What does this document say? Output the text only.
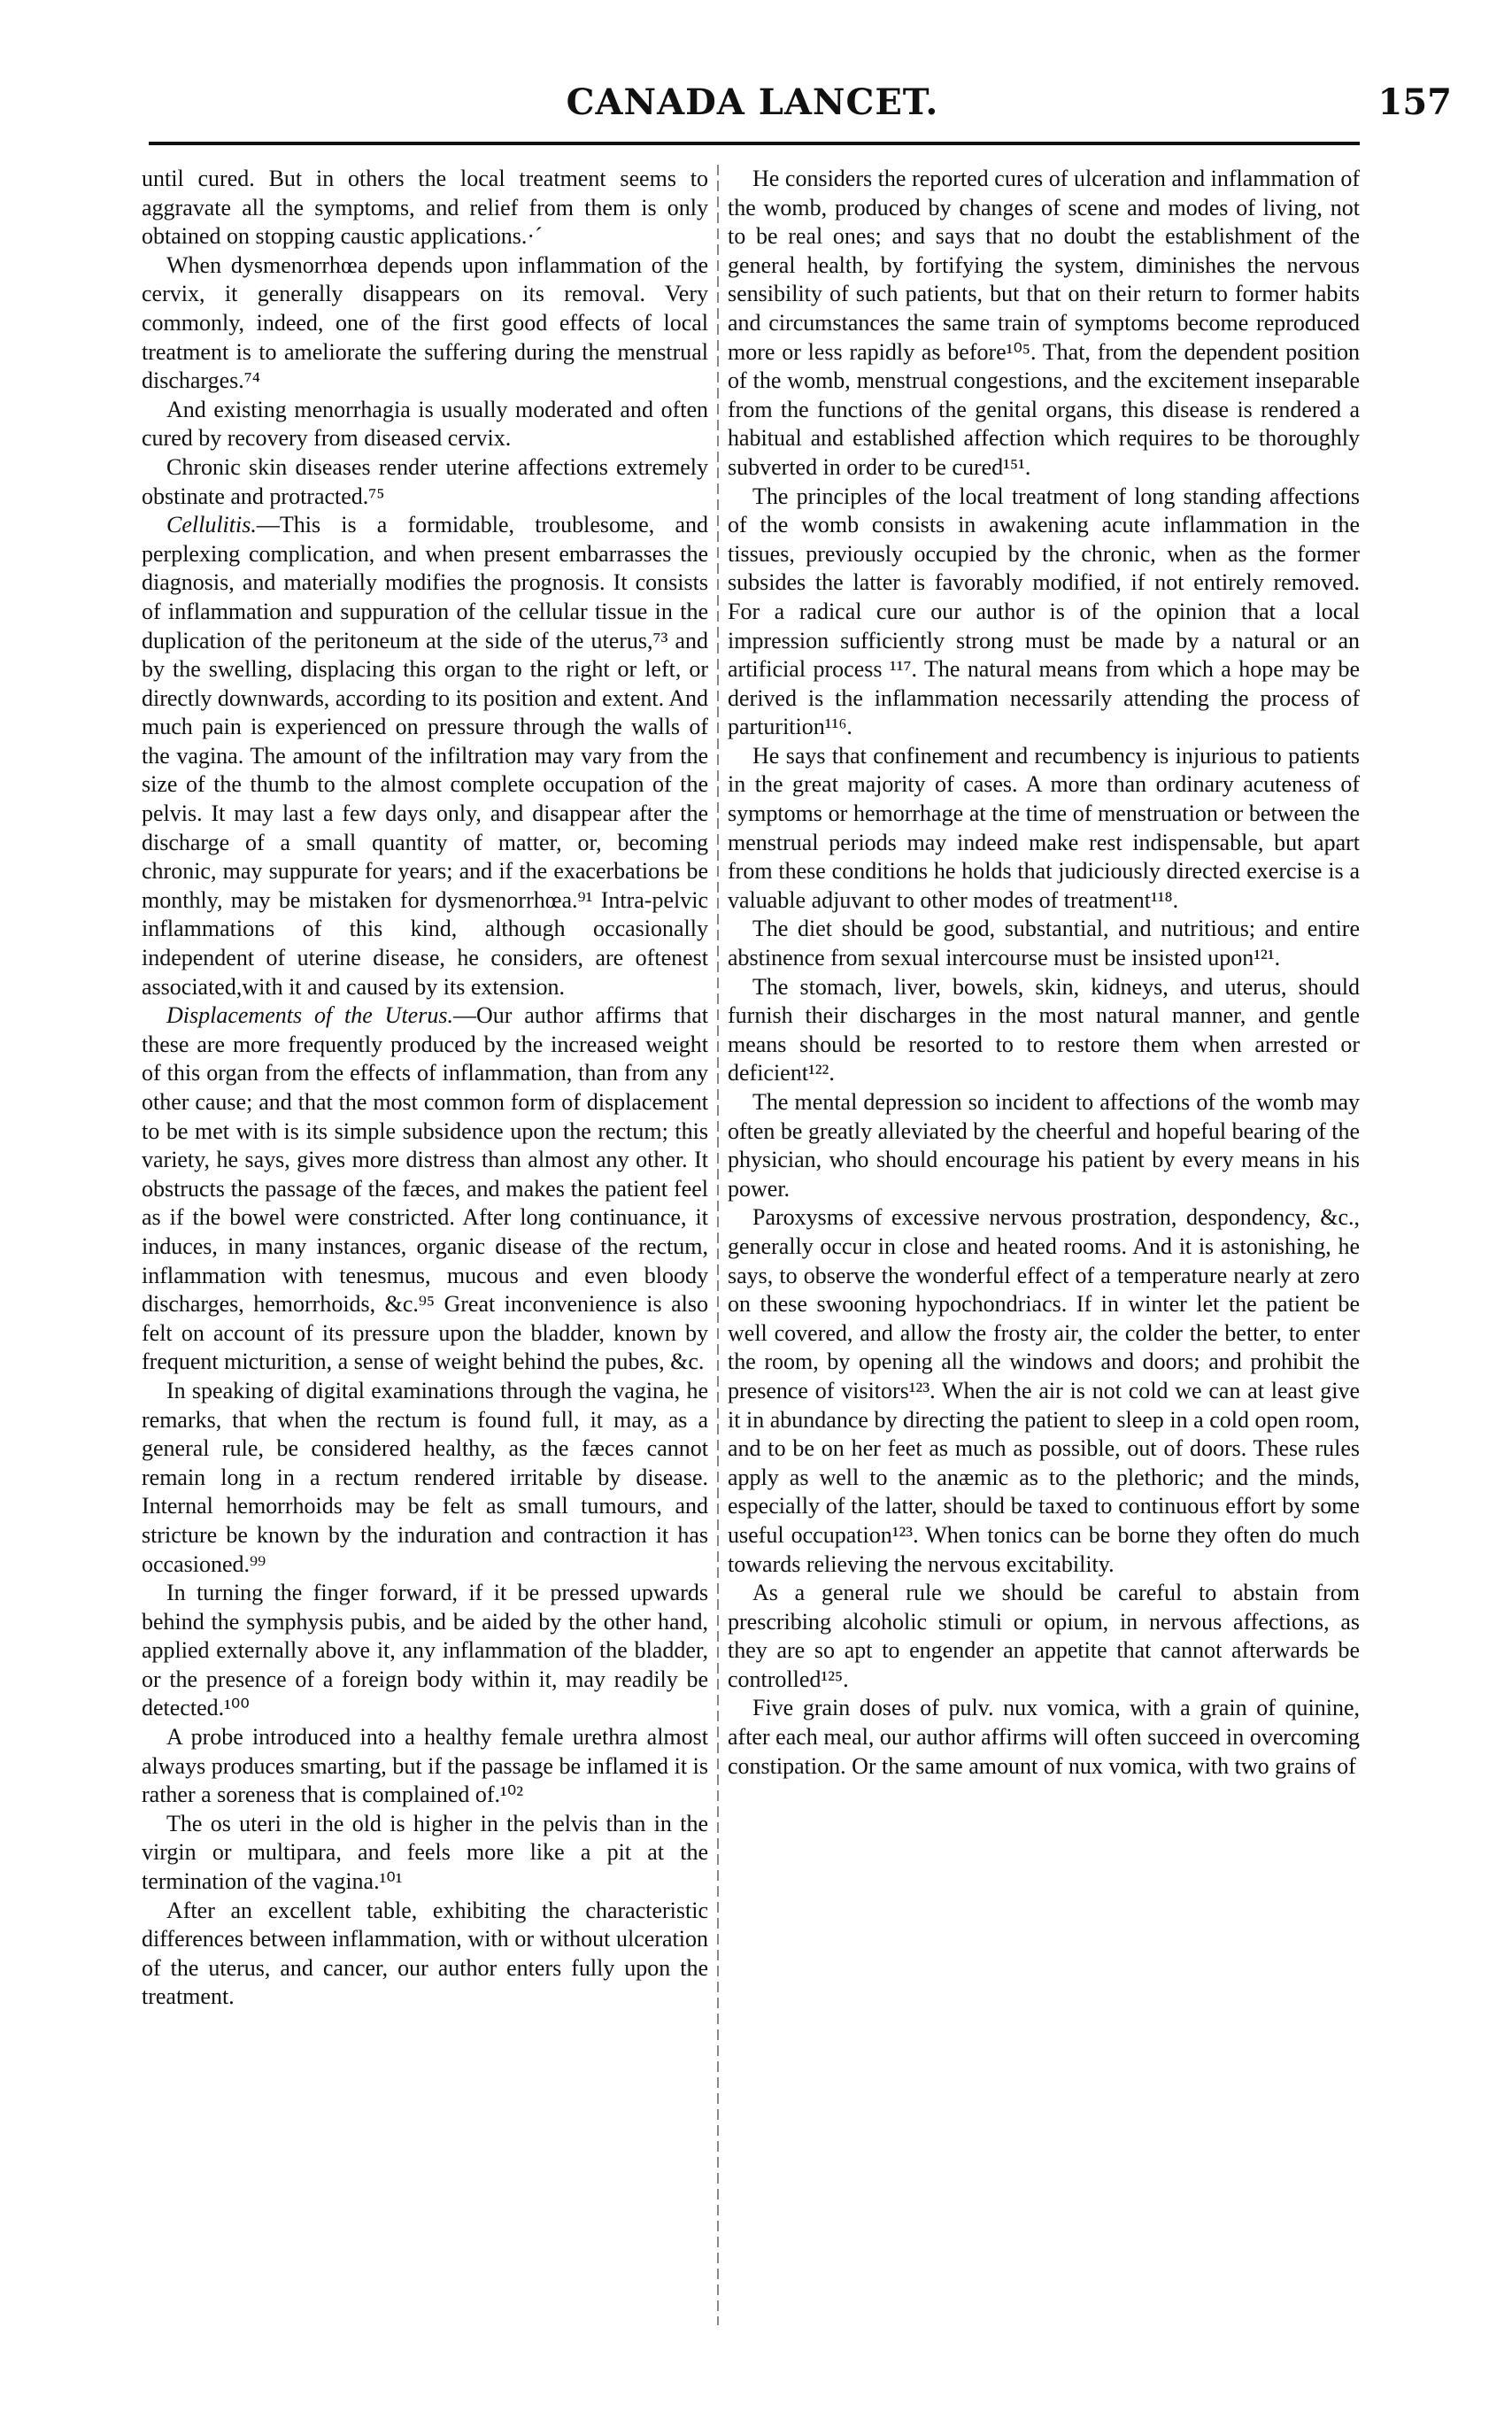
CANADA LANCET.	157

until cured. But in others the local treatment seems to aggravate all the symptoms, and relief from them is only obtained on stopping caustic applications.·´

When dysmenorrhœa depends upon inflammation of the cervix, it generally disappears on its removal. Very commonly, indeed, one of the first good effects of local treatment is to ameliorate the suffering during the menstrual discharges.⁷⁴

And existing menorrhagia is usually moderated and often cured by recovery from diseased cervix.

Chronic skin diseases render uterine affections extremely obstinate and protracted.⁷⁵

Cellulitis.—This is a formidable, troublesome, and perplexing complication, and when present embarrasses the diagnosis, and materially modifies the prognosis. It consists of inflammation and suppuration of the cellular tissue in the duplication of the peritoneum at the side of the uterus,⁷³ and by the swelling, displacing this organ to the right or left, or directly downwards, according to its position and extent. And much pain is experienced on pressure through the walls of the vagina. The amount of the infiltration may vary from the size of the thumb to the almost complete occupation of the pelvis. It may last a few days only, and disappear after the discharge of a small quantity of matter, or, becoming chronic, may suppurate for years; and if the exacerbations be monthly, may be mistaken for dysmenorrhœa.⁹¹ Intra-pelvic inflammations of this kind, although occasionally independent of uterine disease, he considers, are oftenest associated,with it and caused by its extension.

Displacements of the Uterus.—Our author affirms that these are more frequently produced by the increased weight of this organ from the effects of inflammation, than from any other cause; and that the most common form of displacement to be met with is its simple subsidence upon the rectum; this variety, he says, gives more distress than almost any other. It obstructs the passage of the fæces, and makes the patient feel as if the bowel were constricted. After long continuance, it induces, in many instances, organic disease of the rectum, inflammation with tenesmus, mucous and even bloody discharges, hemorrhoids, &c.⁹⁵ Great inconvenience is also felt on account of its pressure upon the bladder, known by frequent micturition, a sense of weight behind the pubes, &c.

In speaking of digital examinations through the vagina, he remarks, that when the rectum is found full, it may, as a general rule, be considered healthy, as the fæces cannot remain long in a rectum rendered irritable by disease. Internal hemorrhoids may be felt as small tumours, and stricture be known by the induration and contraction it has occasioned.⁹⁹

In turning the finger forward, if it be pressed upwards behind the symphysis pubis, and be aided by the other hand, applied externally above it, any inflammation of the bladder, or the presence of a foreign body within it, may readily be detected.¹⁰⁰

A probe introduced into a healthy female urethra almost always produces smarting, but if the passage be inflamed it is rather a soreness that is complained of.¹⁰²

The os uteri in the old is higher in the pelvis than in the virgin or multipara, and feels more like a pit at the termination of the vagina.¹⁰¹

After an excellent table, exhibiting the characteristic differences between inflammation, with or without ulceration of the uterus, and cancer, our author enters fully upon the treatment.

He considers the reported cures of ulceration and inflammation of the womb, produced by changes of scene and modes of living, not to be real ones; and says that no doubt the establishment of the general health, by fortifying the system, diminishes the nervous sensibility of such patients, but that on their return to former habits and circumstances the same train of symptoms become reproduced more or less rapidly as before¹⁰⁵. That, from the dependent position of the womb, menstrual congestions, and the excitement inseparable from the functions of the genital organs, this disease is rendered a habitual and established affection which requires to be thoroughly subverted in order to be cured¹⁵¹.

The principles of the local treatment of long standing affections of the womb consists in awakening acute inflammation in the tissues, previously occupied by the chronic, when as the former subsides the latter is favorably modified, if not entirely removed. For a radical cure our author is of the opinion that a local impression sufficiently strong must be made by a natural or an artificial process ¹¹⁷. The natural means from which a hope may be derived is the inflammation necessarily attending the process of parturition¹¹⁶.

He says that confinement and recumbency is injurious to patients in the great majority of cases. A more than ordinary acuteness of symptoms or hemorrhage at the time of menstruation or between the menstrual periods may indeed make rest indispensable, but apart from these conditions he holds that judiciously directed exercise is a valuable adjuvant to other modes of treatment¹¹⁸.

The diet should be good, substantial, and nutritious; and entire abstinence from sexual intercourse must be insisted upon¹²¹.

The stomach, liver, bowels, skin, kidneys, and uterus, should furnish their discharges in the most natural manner, and gentle means should be resorted to to restore them when arrested or deficient¹²².

The mental depression so incident to affections of the womb may often be greatly alleviated by the cheerful and hopeful bearing of the physician, who should encourage his patient by every means in his power.

Paroxysms of excessive nervous prostration, despondency, &c., generally occur in close and heated rooms. And it is astonishing, he says, to observe the wonderful effect of a temperature nearly at zero on these swooning hypochondriacs. If in winter let the patient be well covered, and allow the frosty air, the colder the better, to enter the room, by opening all the windows and doors; and prohibit the presence of visitors¹²³. When the air is not cold we can at least give it in abundance by directing the patient to sleep in a cold open room, and to be on her feet as much as possible, out of doors. These rules apply as well to the anæmic as to the plethoric; and the minds, especially of the latter, should be taxed to continuous effort by some useful occupation¹²³. When tonics can be borne they often do much towards relieving the nervous excitability.

As a general rule we should be careful to abstain from prescribing alcoholic stimuli or opium, in nervous affections, as they are so apt to engender an appetite that cannot afterwards be controlled¹²⁵.

Five grain doses of pulv. nux vomica, with a grain of quinine, after each meal, our author affirms will often succeed in overcoming constipation. Or the same amount of nux vomica, with two grains of
